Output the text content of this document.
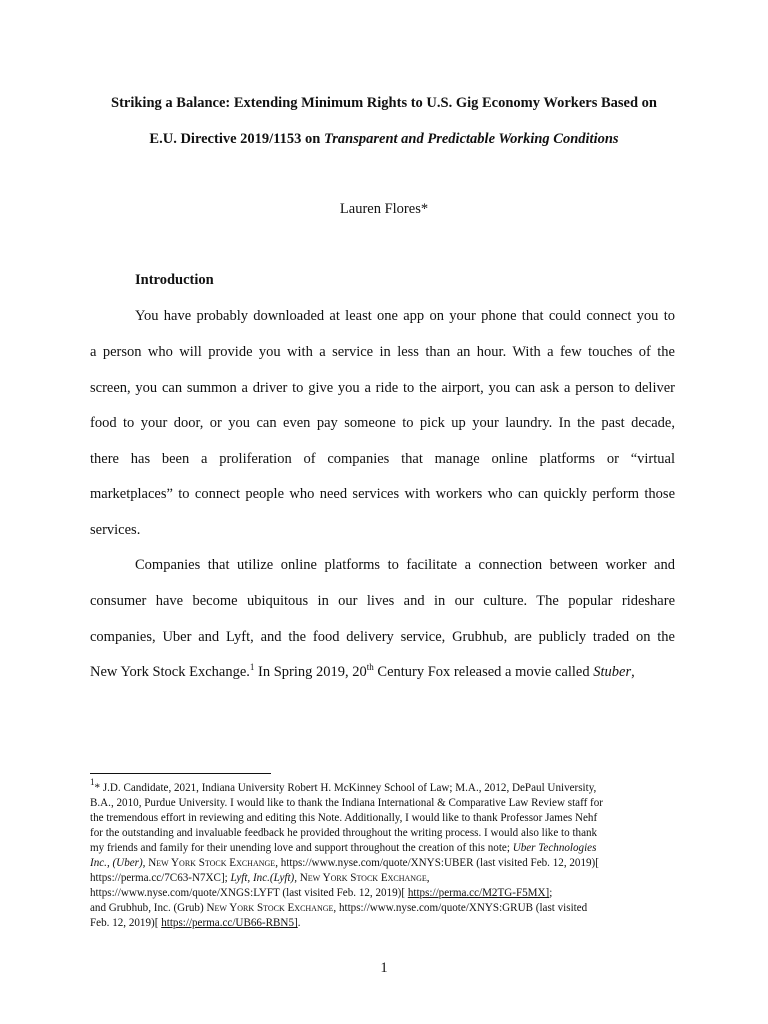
Striking a Balance: Extending Minimum Rights to U.S. Gig Economy Workers Based on
E.U. Directive 2019/1153 on Transparent and Predictable Working Conditions
Lauren Flores*
Introduction
You have probably downloaded at least one app on your phone that could connect you to
a person who will provide you with a service in less than an hour. With a few touches of the
screen, you can summon a driver to give you a ride to the airport, you can ask a person to deliver
food to your door, or you can even pay someone to pick up your laundry. In the past decade,
there has been a proliferation of companies that manage online platforms or “virtual
marketplaces” to connect people who need services with workers who can quickly perform those
services.
Companies that utilize online platforms to facilitate a connection between worker and
consumer have become ubiquitous in our lives and in our culture. The popular rideshare
companies, Uber and Lyft, and the food delivery service, Grubhub, are publicly traded on the
New York Stock Exchange.$^1$ In Spring 2019, 20th Century Fox released a movie called Stuber,
$^1$* J.D. Candidate, 2021, Indiana University Robert H. McKinney School of Law; M.A., 2012, DePaul University,
B.A., 2010, Purdue University. I would like to thank the Indiana International & Comparative Law Review staff for
the tremendous effort in reviewing and editing this Note. Additionally, I would like to thank Professor James Nehf
for the outstanding and invaluable feedback he provided throughout the writing process. I would also like to thank
my friends and family for their unending love and support throughout the creation of this note; Uber Technologies
Inc., (Uber), New York Stock Exchange, https://www.nyse.com/quote/XNYS:UBER (last visited Feb. 12, 2019)[
https://perma.cc/7C63-N7XC]; Lyft, Inc.(Lyft), New York Stock Exchange,
https://www.nyse.com/quote/XNGS:LYFT (last visited Feb. 12, 2019)[ https://perma.cc/M2TG-F5MX];
and Grubhub, Inc. (Grub) New York Stock Exchange, https://www.nyse.com/quote/XNYS:GRUB (last visited
Feb. 12, 2019)[ https://perma.cc/UB66-RBN5].
1
